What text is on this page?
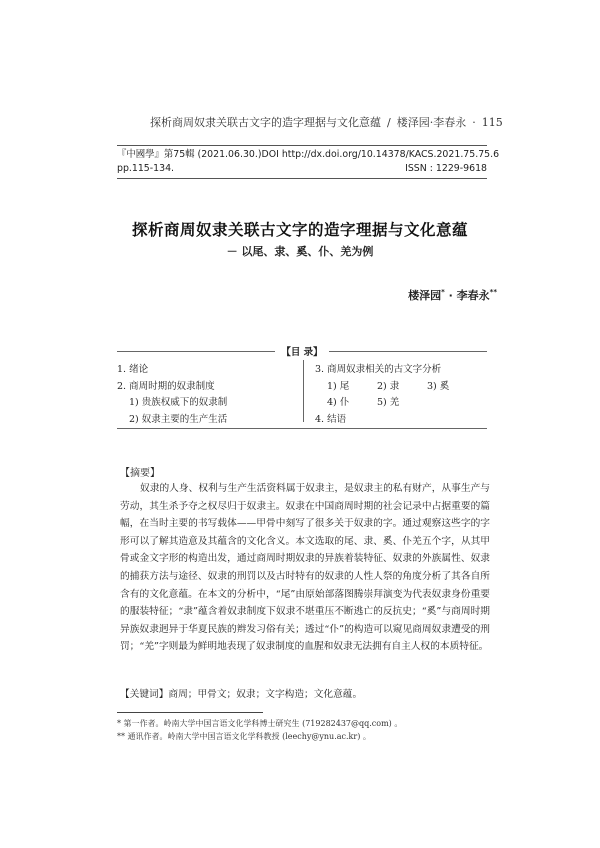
探析商周奴隶关联古文字的造字理据与文化意蕴 / 楼泽园·李春永 · 115
『中國學』第75輯 (2021.06.30.) DOI http://dx.doi.org/10.14378/KACS.2021.75.75.6
pp.115-134.	ISSN : 1229-9618
探析商周奴隶关联古文字的造字理据与文化意蕴
－ 以尾、隶、奚、仆、羌为例
楼泽园* · 李春永**
【目 录】
1. 绪论
2. 商周时期的奴隶制度
1) 贵族权威下的奴隶制
2) 奴隶主要的生产生活
3. 商周奴隶相关的古文字分析
1) 尾	2) 隶	3) 奚
4) 仆	5) 羌
4. 结语
【摘要】

奴隶的人身、权利与生产生活资料属于奴隶主，是奴隶主的私有财产，从事生产与劳动，其生杀予夺之权尽归于奴隶主。奴隶在中国商周时期的社会记录中占据重要的篇幅，在当时主要的书写载体——甲骨中刻写了很多关于奴隶的字。通过观察这些字的字形可以了解其造意及其蕴含的文化含义。本文选取的尾、隶、奚、仆羌五个字，从其甲骨或金文字形的构造出发，通过商周时期奴隶的异族着装特征、奴隶的外族属性、奴隶的捕获方法与途径、奴隶的刑罚以及古时特有的奴隶的人性人祭的角度分析了其各自所含有的文化意蕴。在本文的分析中，“尾”由原始部落图腾崇拜演变为代表奴隶身份重要的服装特征；“隶”蕴含着奴隶制度下奴隶不堪重压不断逃亡的反抗史；“奚”与商周时期异族奴隶迥异于华夏民族的辫发习俗有关；透过“仆”的构造可以窥见商周奴隶遭受的刑罚；“羌”字则最为鲜明地表现了奴隶制度的血腥和奴隶无法拥有自主人权的本质特征。

【关键词】商周；甲骨文；奴隶；文字构造；文化意蕴。
* 第一作者。岭南大学中国言语文化学科博士研究生 (719282437@qq.com) 。
** 通讯作者。岭南大学中国言语文化学科教授 (leechy@ynu.ac.kr) 。
